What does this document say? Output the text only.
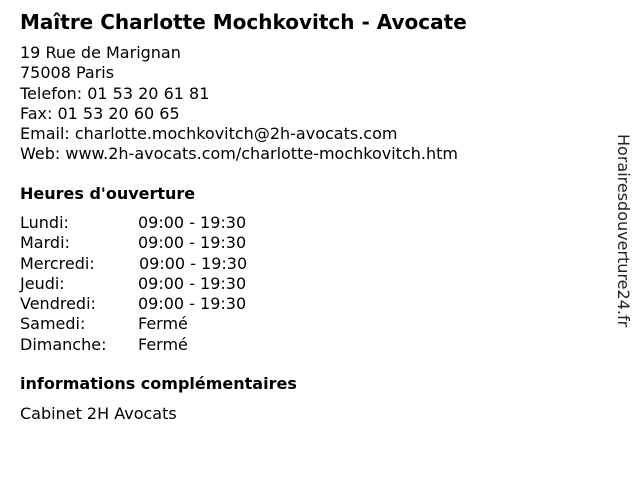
Maître Charlotte Mochkovitch - Avocate
19 Rue de Marignan
75008 Paris
Telefon: 01 53 20 61 81
Fax: 01 53 20 60 65
Email: charlotte.mochkovitch@2h-avocats.com
Web: www.2h-avocats.com/charlotte-mochkovitch.htm
Heures d'ouverture
Lundi:	09:00 - 19:30
Mardi:	09:00 - 19:30
Mercredi:	09:00 - 19:30
Jeudi:	09:00 - 19:30
Vendredi:	09:00 - 19:30
Samedi:	Fermé
Dimanche: Fermé
informations complémentaires
Cabinet 2H Avocats
Horairesdouverture24.fr
